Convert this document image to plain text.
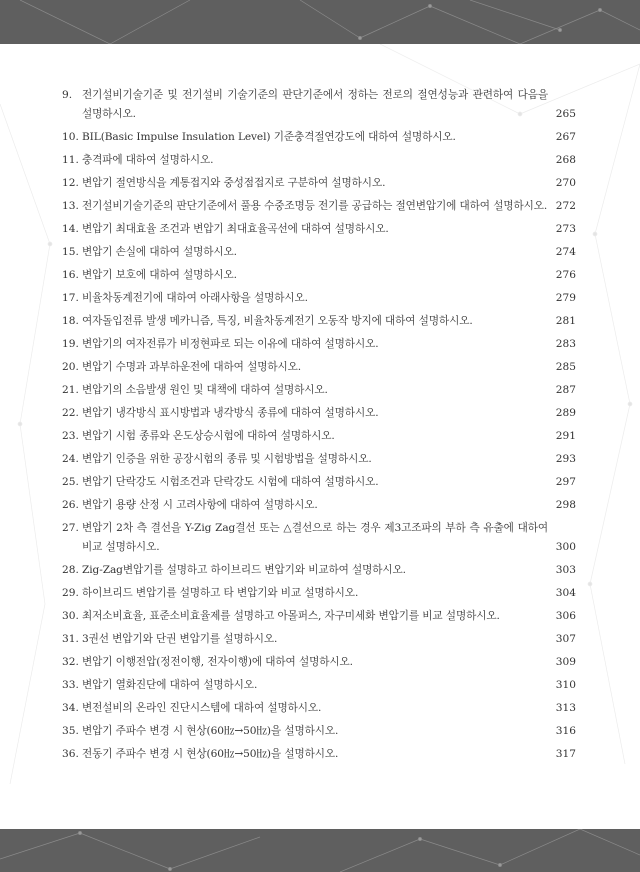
9. 전기설비기술기준 및 전기설비 기술기준의 판단기준에서 정하는 전로의 절연성능과 관련하여 다음을 설명하시오.	265
10. BIL(Basic Impulse Insulation Level) 기준충격절연강도에 대하여 설명하시오.	267
11. 충격파에 대하여 설명하시오.	268
12. 변압기 절연방식을 계통접지와 중성점접지로 구분하여 설명하시오.	270
13. 전기설비기술기준의 판단기준에서 풀용 수중조명등 전기를 공급하는 절연변압기에 대하여 설명하시오. 272
14. 변압기 최대효율 조건과 변압기 최대효율곡선에 대하여 설명하시오.	273
15. 변압기 손실에 대하여 설명하시오.	274
16. 변압기 보호에 대하여 설명하시오.	276
17. 비율차동계전기에 대하여 아래사항을 설명하시오.	279
18. 여자돌입전류 발생 메카니즘, 특징, 비율차동계전기 오동작 방지에 대하여 설명하시오.	281
19. 변압기의 여자전류가 비정현파로 되는 이유에 대하여 설명하시오.	283
20. 변압기 수명과 과부하운전에 대하여 설명하시오.	285
21. 변압기의 소음발생 원인 및 대책에 대하여 설명하시오.	287
22. 변압기 냉각방식 표시방법과 냉각방식 종류에 대하여 설명하시오.	289
23. 변압기 시험 종류와 온도상승시험에 대하여 설명하시오.	291
24. 변압기 인증을 위한 공장시험의 종류 및 시험방법을 설명하시오.	293
25. 변압기 단락강도 시험조건과 단락강도 시험에 대하여 설명하시오.	297
26. 변압기 용량 산정 시 고려사항에 대하여 설명하시오.	298
27. 변압기 2차 측 결선을 Y-Zig Zag결선 또는 △결선으로 하는 경우 제3고조파의 부하 측 유출에 대하여 비교 설명하시오.	300
28. Zig-Zag변압기를 설명하고 하이브리드 변압기와 비교하여 설명하시오.	303
29. 하이브리드 변압기를 설명하고 타 변압기와 비교 설명하시오.	304
30. 최저소비효율, 표준소비효율제를 설명하고 아몰퍼스, 자구미세화 변압기를 비교 설명하시오.	306
31. 3권선 변압기와 단권 변압기를 설명하시오.	307
32. 변압기 이행전압(정전이행, 전자이행)에 대하여 설명하시오.	309
33. 변압기 열화진단에 대하여 설명하시오.	310
34. 변전설비의 온라인 진단시스템에 대하여 설명하시오.	313
35. 변압기 주파수 변경 시 현상(60㎐→50㎐)을 설명하시오.	316
36. 전동기 주파수 변경 시 현상(60㎐→50㎐)을 설명하시오.	317
